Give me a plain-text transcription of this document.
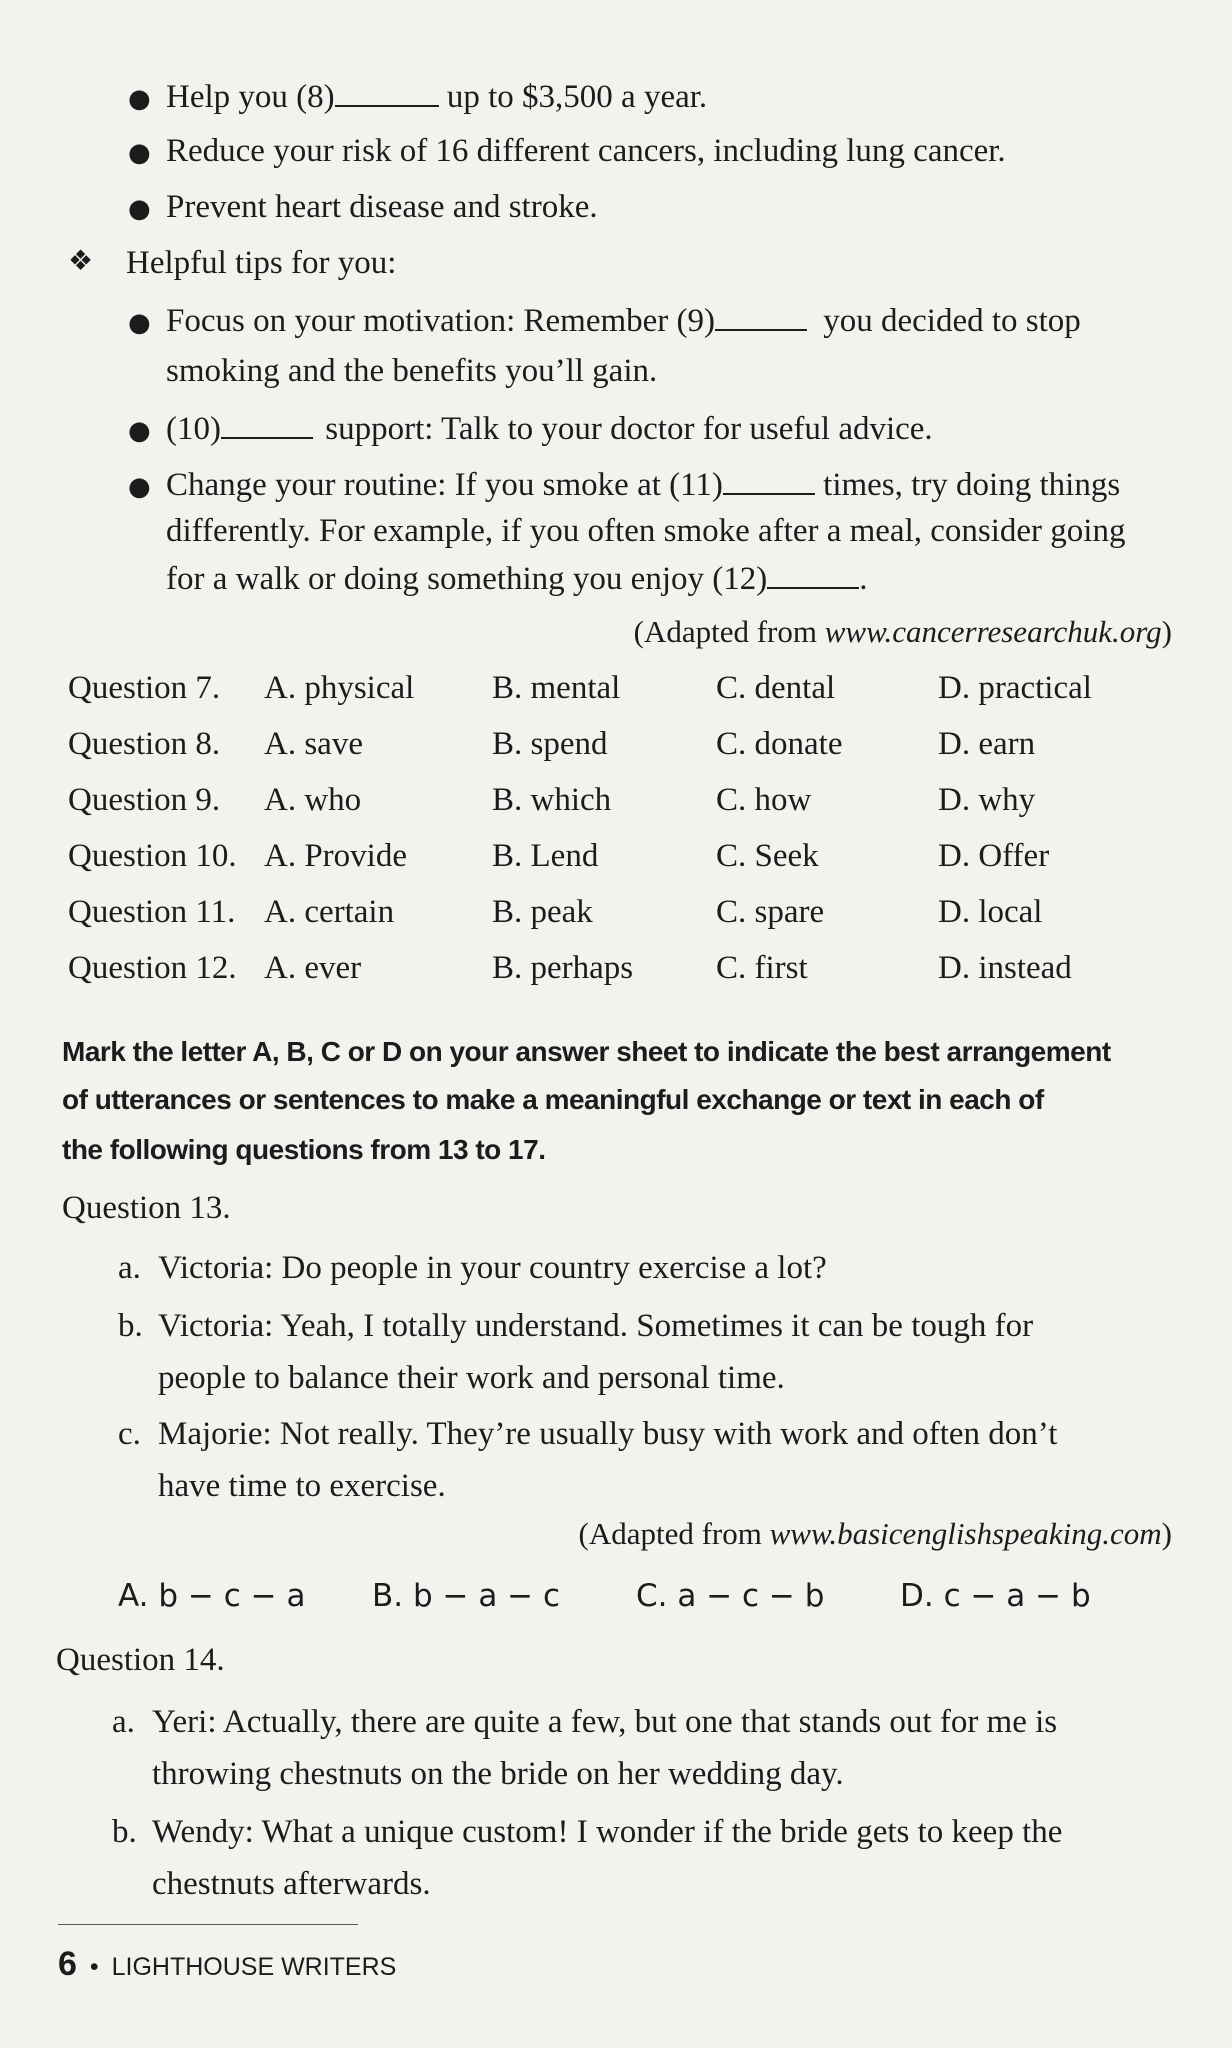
● Help you (8)	up to $3,500 a year.
● Reduce your risk of 16 different cancers, including lung cancer.
● Prevent heart disease and stroke.
❖ Helpful tips for you:
● Focus on your motivation: Remember (9)	you decided to stop
smoking and the benefits you’ll gain.
● (10)	support: Talk to your doctor for useful advice.
● Change your routine: If you smoke at (11)	times, try doing things
differently. For example, if you often smoke after a meal, consider going
for a walk or doing something you enjoy (12)	.
(Adapted from www.cancerresearchuk.org)
Question 7. A. physical B. mental	C. dental	D. practical
Question 8. A. save	B. spend	C. donate	D. earn
Question 9. A. who	B. which	C. how	D. why
Question 10. A. Provide	B. Lend	C. Seek	D. Offer
Question 11. A. certain	B. peak	C. spare	D. local
Question 12. A. ever	B. perhaps	C. first	D. instead
Mark the letter A, B, C or D on your answer sheet to indicate the best arrangement
of utterances or sentences to make a meaningful exchange or text in each of
the following questions from 13 to 17.
Question 13.
a. Victoria: Do people in your country exercise a lot?
b. Victoria: Yeah, I totally understand. Sometimes it can be tough for
people to balance their work and personal time.
c. Majorie: Not really. They’re usually busy with work and often don’t
have time to exercise.
(Adapted from www.basicenglishspeaking.com)
A. b − c − a B. b − a − c C. a − c − b D. c − a − b
Question 14.
a. Yeri: Actually, there are quite a few, but one that stands out for me is
throwing chestnuts on the bride on her wedding day.
b. Wendy: What a unique custom! I wonder if the bride gets to keep the
chestnuts afterwards.
6 • LIGHTHOUSE WRITERS
